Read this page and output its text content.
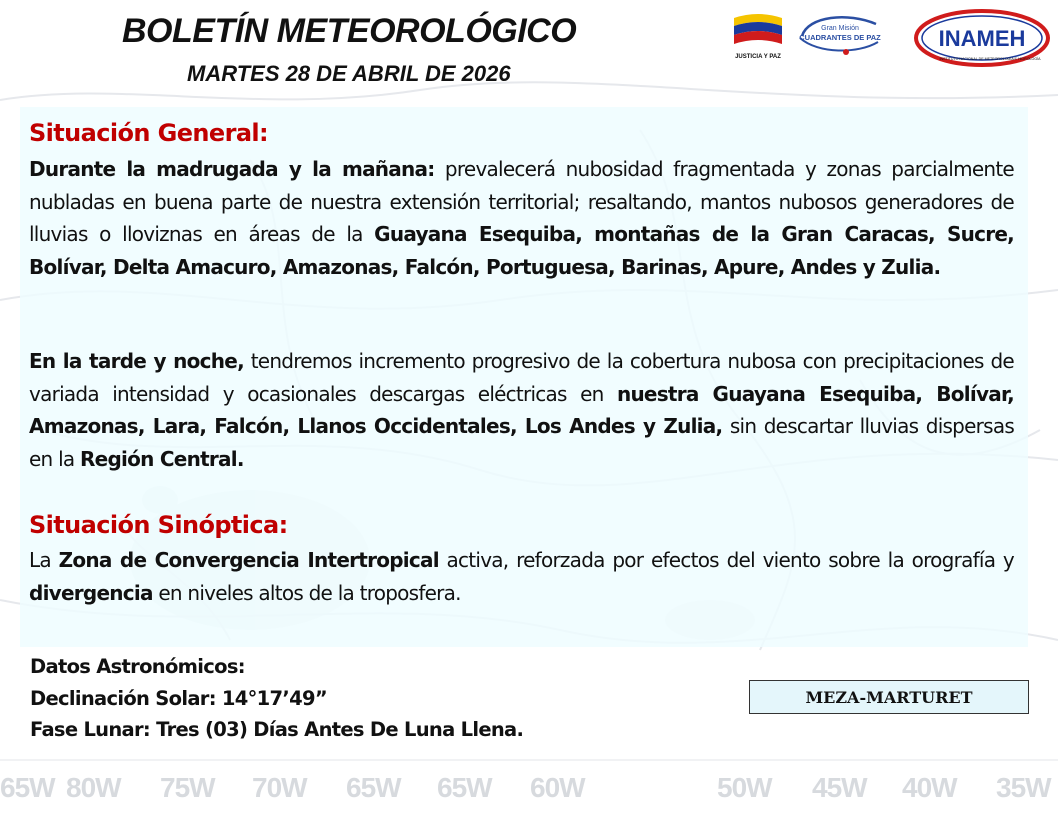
65W 80W 75W 70W 65W 65W 60W	50W 45W 40W 35W
BOLETÍN METEOROLÓGICO
MARTES 28 DE ABRIL DE 2026
JUSTICIA Y PAZ
Gran Misión
CUADRANTES DE PAZ	INAMEH
INSTITUTO NACIONAL DE METEOROLOGÍA E HIDROLOGÍA
Situación General:
Durante la madrugada y la mañana: prevalecerá nubosidad fragmentada y zonas parcialmente nubladas en buena parte de nuestra extensión territorial; resaltando, mantos nubosos generadores de lluvias o lloviznas en áreas de la Guayana Esequiba, montañas de la Gran Caracas, Sucre, Bolívar, Delta Amacuro, Amazonas, Falcón, Portuguesa, Barinas, Apure, Andes y Zulia.
En la tarde y noche, tendremos incremento progresivo de la cobertura nubosa con precipitaciones de variada intensidad y ocasionales descargas eléctricas en nuestra Guayana Esequiba, Bolívar, Amazonas, Lara, Falcón, Llanos Occidentales, Los Andes y Zulia, sin descartar lluvias dispersas en la Región Central.
Situación Sinóptica:
La Zona de Convergencia Intertropical activa, reforzada por efectos del viento sobre la orografía y divergencia en niveles altos de la troposfera.
Datos Astronómicos:
Declinación Solar: 14°17’49”
Fase Lunar: Tres (03) Días Antes De Luna Llena.
MEZA-MARTURET
